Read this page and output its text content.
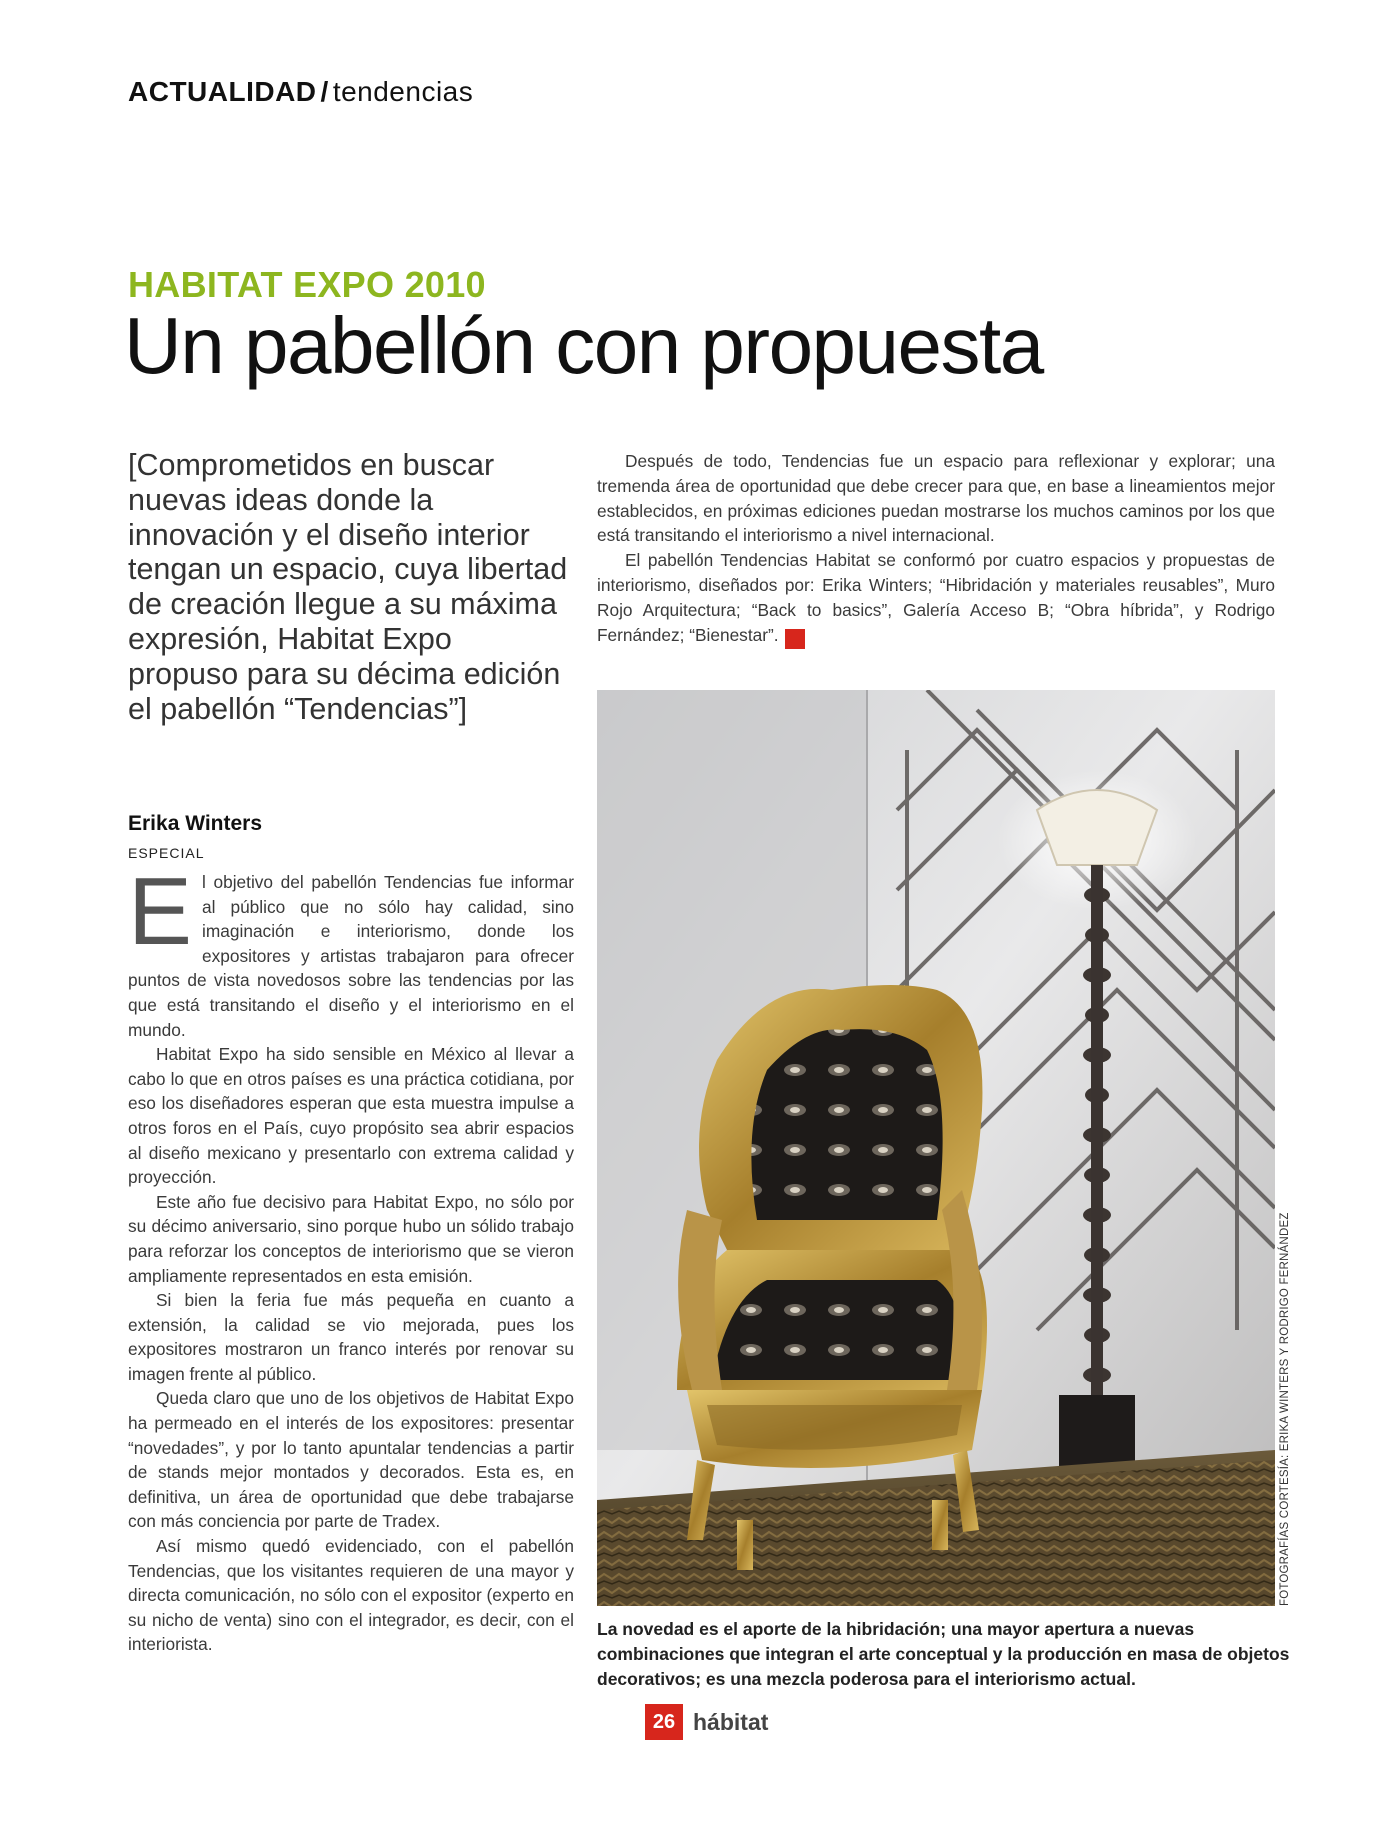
ACTUALIDAD / tendencias
HABITAT EXPO 2010
Un pabellón con propuesta

[Comprometidos en buscar nuevas ideas donde la innovación y el diseño interior tengan un espacio, cuya libertad de creación llegue a su máxima expresión, Habitat Expo propuso para su décima edición el pabellón “Tendencias”]

Erika Winters
ESPECIAL

El objetivo del pabellón Tendencias fue informar al público que no sólo hay calidad, sino imaginación e interiorismo, donde los expositores y artistas trabajaron para ofrecer puntos de vista novedosos sobre las tendencias por las que está transitando el diseño y el interiorismo en el mundo.

Habitat Expo ha sido sensible en México al llevar a cabo lo que en otros países es una práctica cotidiana, por eso los diseñadores esperan que esta muestra impulse a otros foros en el País, cuyo propósito sea abrir espacios al diseño mexicano y presentarlo con extrema calidad y proyección.

Este año fue decisivo para Habitat Expo, no sólo por su décimo aniversario, sino porque hubo un sólido trabajo para reforzar los conceptos de interiorismo que se vieron ampliamente representados en esta emisión.

Si bien la feria fue más pequeña en cuanto a extensión, la calidad se vio mejorada, pues los expositores mostraron un franco interés por renovar su imagen frente al público.

Queda claro que uno de los objetivos de Habitat Expo ha permeado en el interés de los expositores: presentar “novedades”, y por lo tanto apuntalar tendencias a partir de stands mejor montados y decorados. Esta es, en definitiva, un área de oportunidad que debe trabajarse con más conciencia por parte de Tradex.

Así mismo quedó evidenciado, con el pabellón Tendencias, que los visitantes requieren de una mayor y directa comunicación, no sólo con el expositor (experto en su nicho de venta) sino con el integrador, es decir, con el interiorista.

Después de todo, Tendencias fue un espacio para reflexionar y explorar; una tremenda área de oportunidad que debe crecer para que, en base a lineamientos mejor establecidos, en próximas ediciones puedan mostrarse los muchos caminos por los que está transitando el interiorismo a nivel internacional.

El pabellón Tendencias Habitat se conformó por cuatro espacios y propuestas de interiorismo, diseñados por: Erika Winters; “Hibridación y materiales reusables”, Muro Rojo Arquitectura; “Back to basics”, Galería Acceso B; “Obra híbrida”, y Rodrigo Fernández; “Bienestar”. h

FOTOGRAFÍAS CORTESÍA: ERIKA WINTERS Y RODRIGO FERNÁNDEZ
La novedad es el aporte de la hibridación; una mayor apertura a nuevas combinaciones que integran el arte conceptual y la producción en masa de objetos decorativos; es una mezcla poderosa para el interiorismo actual.
26 hábitat
